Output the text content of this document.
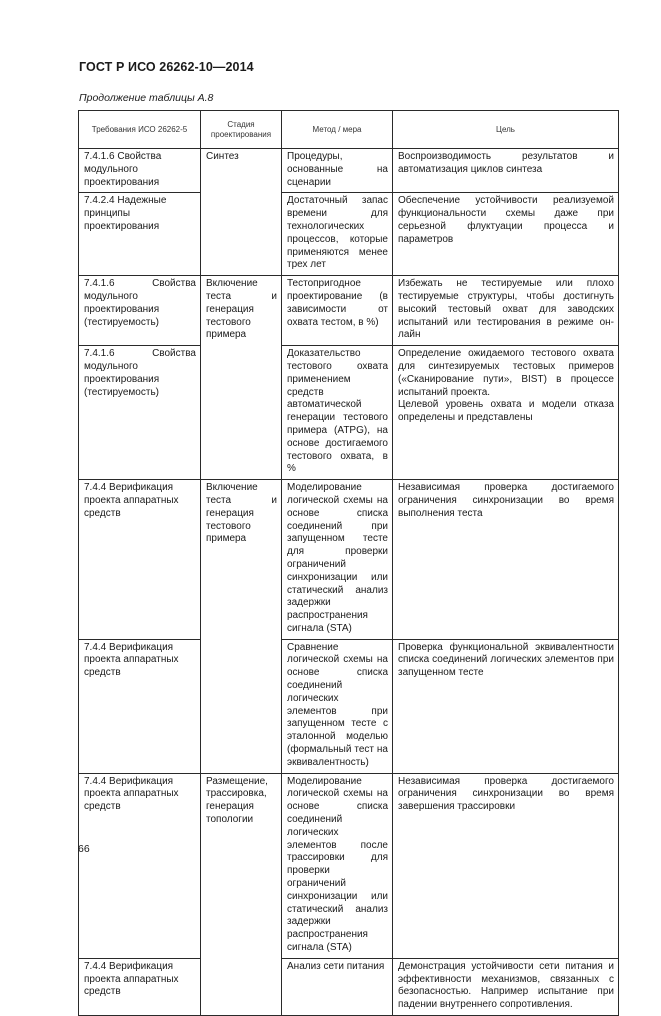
ГОСТ Р ИСО 26262-10—2014
Продолжение таблицы А.8
Требования ИСО 26262-5	Стадия проектирования	Метод / мера	Цель
7.4.1.6 Свойства модульного проектирования	Синтез	Процедуры, основанные на сценарии	Воспроизводимость результатов и автоматизация циклов синтеза
7.4.2.4 Надежные принципы проектирования		Достаточный запас времени для технологических процессов, которые применяются менее трех лет	Обеспечение устойчивости реализуемой функциональности схемы даже при серьезной флуктуации процесса и параметров
7.4.1.6 Свойства модульного проектирования (тестируемость)	Включение теста и генерация тестового примера	Тестопригодное проектирование (в зависимости от охвата тестом, в %)	Избежать не тестируемые или плохо тестируемые структуры, чтобы достигнуть высокий тестовый охват для заводских испытаний или тестирования в режиме он-лайн
7.4.1.6 Свойства модульного проектирования (тестируемость)		Доказательство тестового охвата применением средств автоматической генерации тестового примера (ATPG), на основе достигаемого тестового охвата, в %	Определение ожидаемого тестового охвата для синтезируемых тестовых примеров («Сканирование пути», BIST) в процессе испытаний проекта.
Целевой уровень охвата и модели отказа определены и представлены

7.4.4 Верификация проекта аппаратных средств	Включение теста и генерация тестового примера	Моделирование логической схемы на основе списка соединений при запущенном тесте для проверки ограничений синхронизации или статический анализ задержки распространения сигнала (STA)	Независимая проверка достигаемого ограничения синхронизации во время выполнения теста
7.4.4 Верификация проекта аппаратных средств		Сравнение логической схемы на основе списка соединений логических элементов при запущенном тесте с эталонной моделью (формальный тест на эквивалентность)	Проверка функциональной эквивалентности списка соединений логических элементов при запущенном тесте
7.4.4 Верификация проекта аппаратных средств	Размещение, трассировка, генерация топологии	Моделирование логической схемы на основе списка соединений логических элементов после трассировки для проверки ограничений синхронизации или статический анализ задержки распространения сигнала (STA)	Независимая проверка достигаемого ограничения синхронизации во время завершения трассировки
7.4.4 Верификация проекта аппаратных средств		Анализ сети питания	Демонстрация устойчивости сети питания и эффективности механизмов, связанных с безопасностью. Например испытание при падении внутреннего сопротивления.
66
